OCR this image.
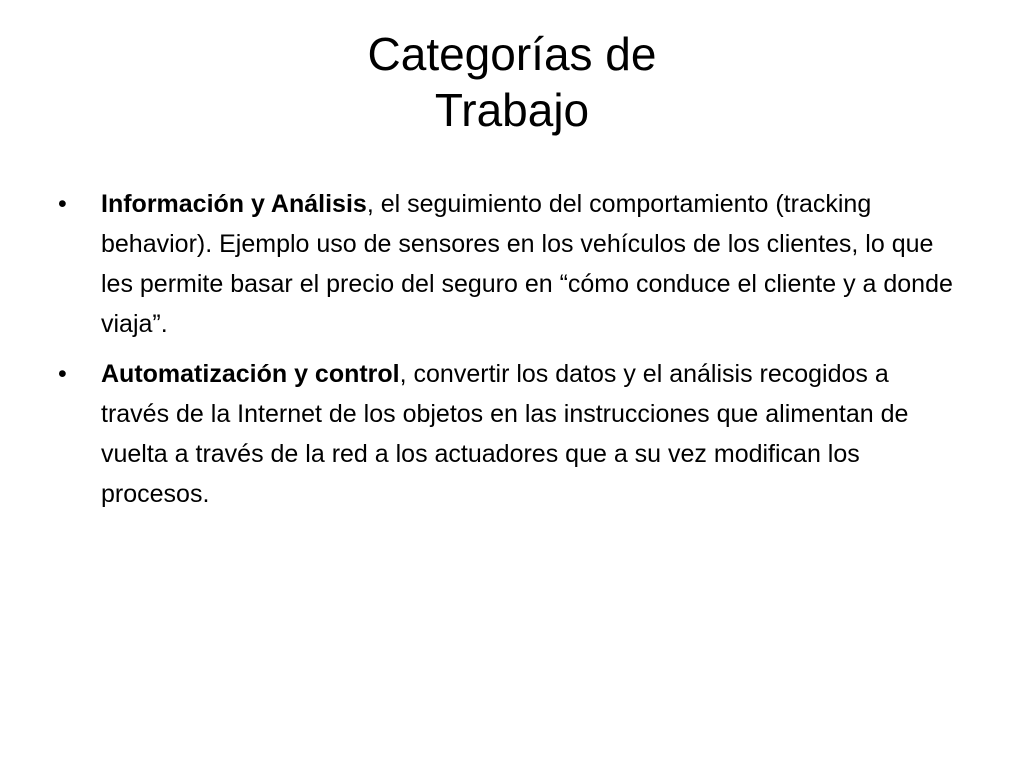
Categorías de
Trabajo
•	Información y Análisis, el seguimiento del comportamiento (tracking behavior). Ejemplo uso de sensores en los vehículos de los clientes, lo que les permite basar el precio del seguro en “cómo conduce el cliente y a donde viaja”.
•	Automatización y control, convertir los datos y el análisis recogidos a través de la Internet de los objetos en las instrucciones que alimentan de vuelta a través de la red a los actuadores que a su vez modifican los procesos.
